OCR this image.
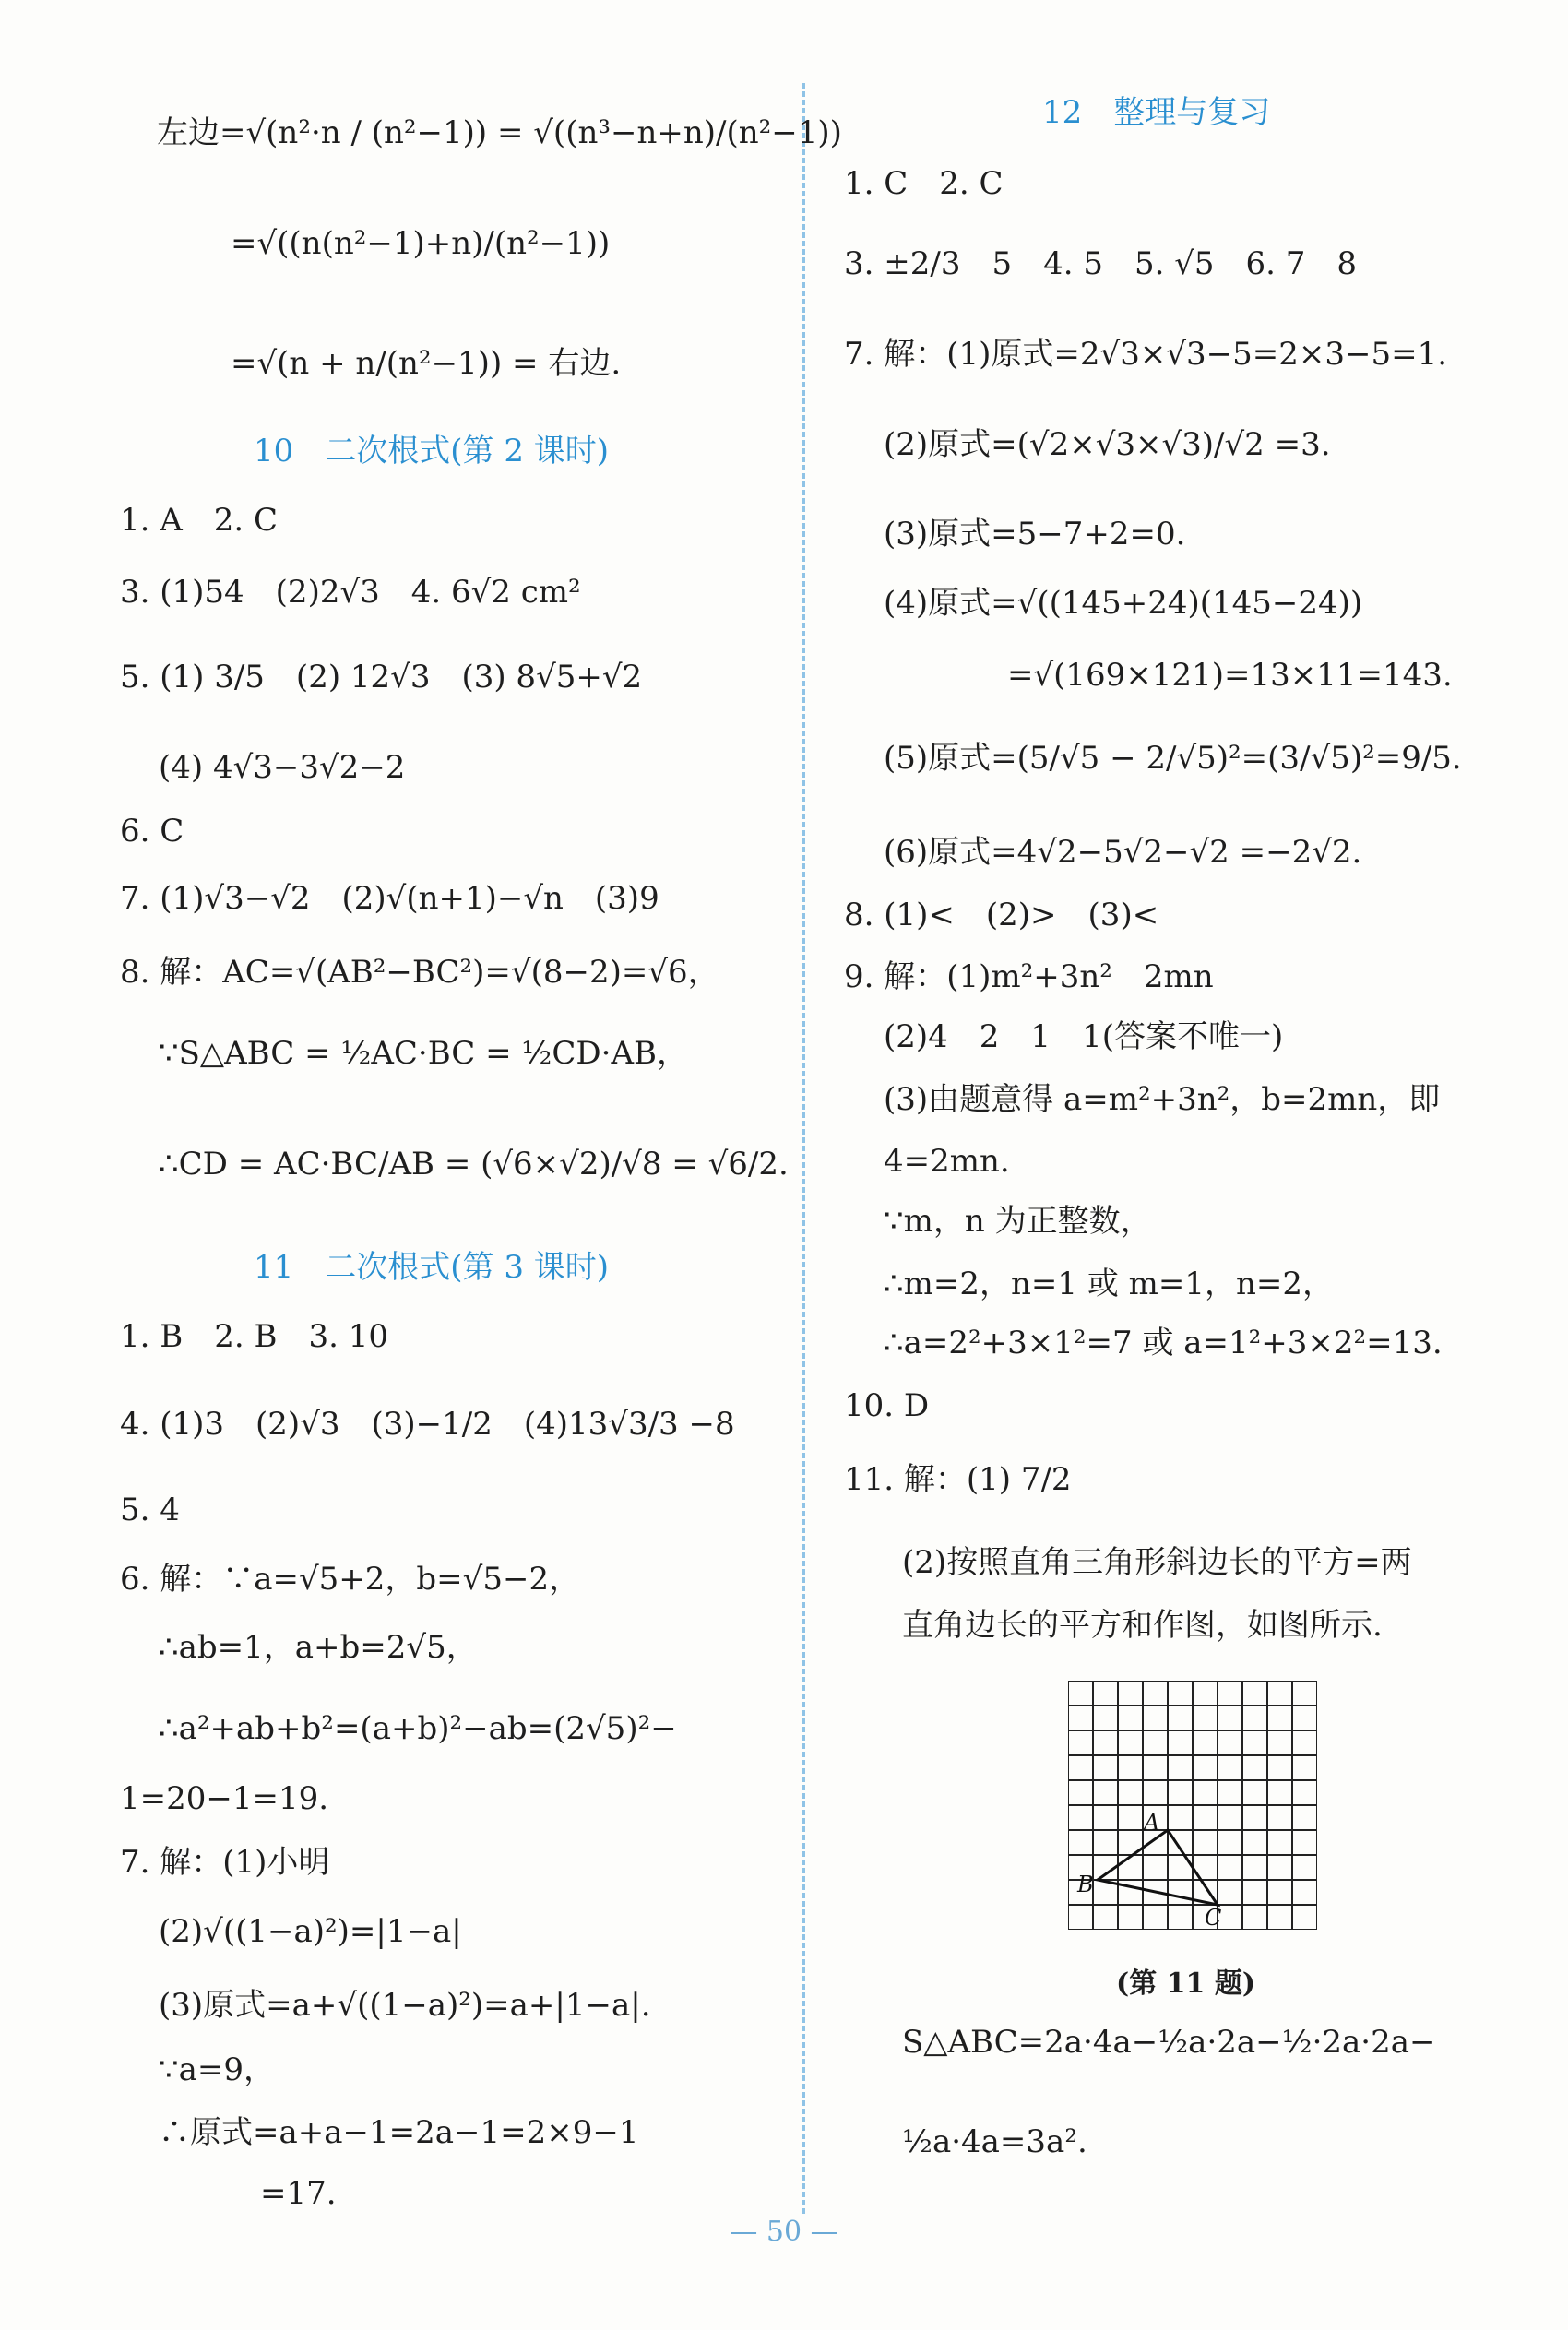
左边=√(n²·n / (n²−1)) = √((n³−n+n)/(n²−1))
=√((n(n²−1)+n)/(n²−1))
=√(n + n/(n²−1)) = 右边.
10　二次根式(第 2 课时)
1. A　2. C
3. (1)54　(2)2√3　4. 6√2 cm²
5. (1) 3/5　(2) 12√3　(3) 8√5+√2
(4) 4√3−3√2−2
6. C
7. (1)√3−√2　(2)√(n+1)−√n　(3)9
8. 解：AC=√(AB²−BC²)=√(8−2)=√6，
∵S△ABC = ½AC·BC = ½CD·AB，
∴CD = AC·BC/AB = (√6×√2)/√8 = √6/2.
11　二次根式(第 3 课时)
1. B　2. B　3. 10
4. (1)3　(2)√3　(3)−1/2　(4)13√3/3 −8
5. 4
6. 解：∵a=√5+2，b=√5−2，
∴ab=1，a+b=2√5，
∴a²+ab+b²=(a+b)²−ab=(2√5)²−
1=20−1=19.
7. 解：(1)小明
(2)√((1−a)²)=|1−a|
(3)原式=a+√((1−a)²)=a+|1−a|.
∵a=9，
∴原式=a+a−1=2a−1=2×9−1
=17.
12　整理与复习
1. C　2. C
3. ±2/3　5　4. 5　5. √5　6. 7　8
7. 解：(1)原式=2√3×√3−5=2×3−5=1.
(2)原式=(√2×√3×√3)/√2 =3.
(3)原式=5−7+2=0.
(4)原式=√((145+24)(145−24))
=√(169×121)=13×11=143.
(5)原式=(5/√5 − 2/√5)²=(3/√5)²=9/5.
(6)原式=4√2−5√2−√2 =−2√2.
8. (1)<　(2)>　(3)<
9. 解：(1)m²+3n²　2mn
(2)4　2　1　1(答案不唯一)
(3)由题意得 a=m²+3n²，b=2mn，即
4=2mn.
∵m，n 为正整数，
∴m=2，n=1 或 m=1，n=2，
∴a=2²+3×1²=7 或 a=1²+3×2²=13.
10. D
11. 解：(1) 7/2
(2)按照直角三角形斜边长的平方=两
直角边长的平方和作图，如图所示.
S△ABC=2a·4a−½a·2a−½·2a·2a−
½a·4a=3a².
A
B
C
(第 11 题)
— 50 —
